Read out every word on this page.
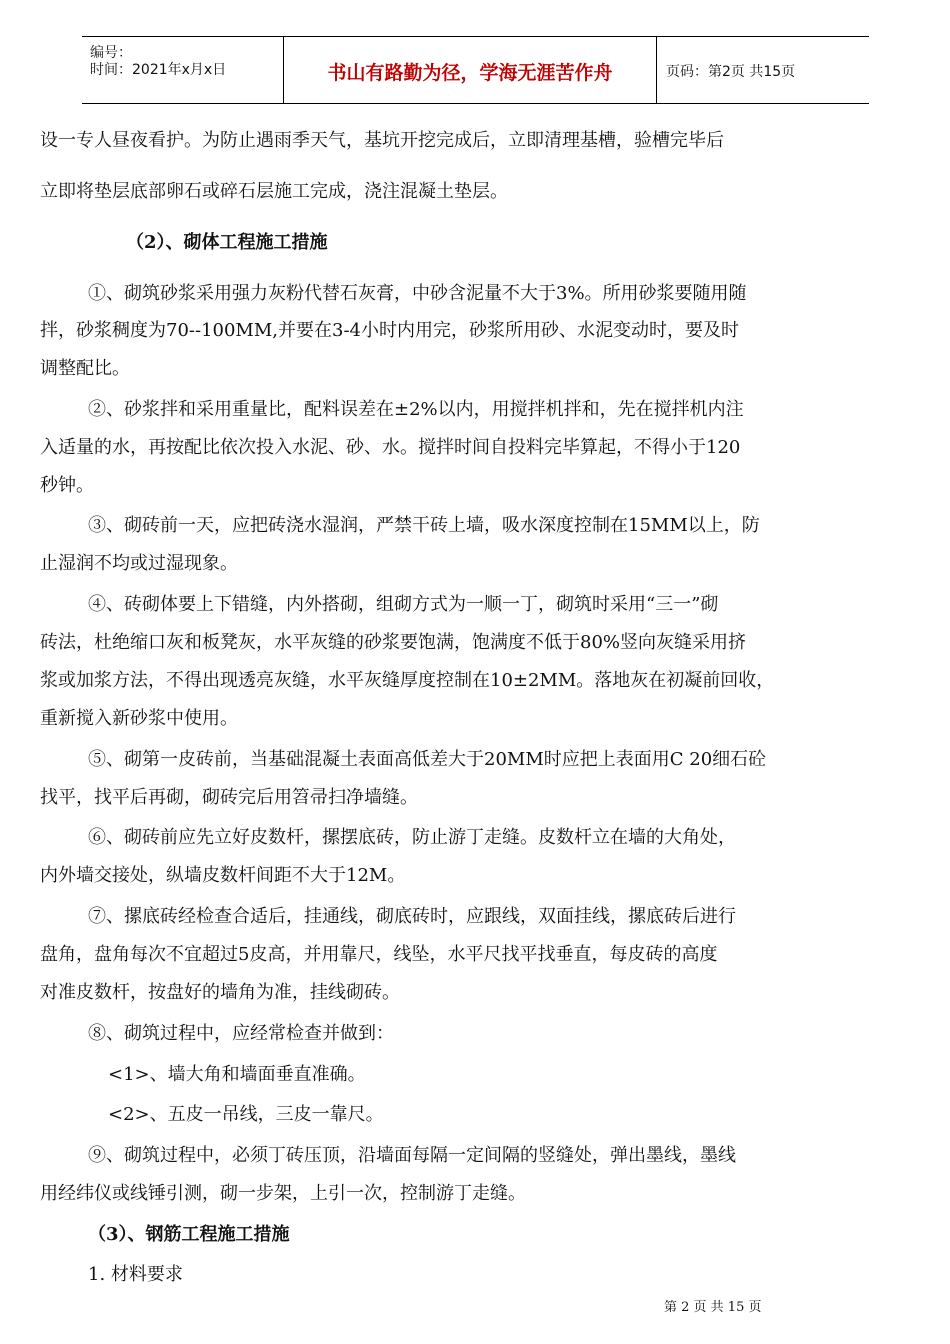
编号：
时间：2021年x月x日	书山有路勤为径，学海无涯苦作舟	页码：第2页 共15页
设一专人昼夜看护。为防止遇雨季天气，基坑开挖完成后，立即清理基槽，验槽完毕后
立即将垫层底部卵石或碎石层施工完成，浇注混凝土垫层。
（2）、砌体工程施工措施
①、砌筑砂浆采用强力灰粉代替石灰膏，中砂含泥量不大于3%。所用砂浆要随用随
拌，砂浆稠度为70--100MM,并要在3-4小时内用完，砂浆所用砂、水泥变动时，要及时
调整配比。
②、砂浆拌和采用重量比，配料误差在±2%以内，用搅拌机拌和，先在搅拌机内注
入适量的水，再按配比依次投入水泥、砂、水。搅拌时间自投料完毕算起，不得小于120
秒钟。
③、砌砖前一天，应把砖浇水湿润，严禁干砖上墙，吸水深度控制在15MM以上，防
止湿润不均或过湿现象。
④、砖砌体要上下错缝，内外搭砌，组砌方式为一顺一丁，砌筑时采用“三一”砌
砖法，杜绝缩口灰和板凳灰，水平灰缝的砂浆要饱满，饱满度不低于80%竖向灰缝采用挤
浆或加浆方法，不得出现透亮灰缝，水平灰缝厚度控制在10±2MM。落地灰在初凝前回收，
重新搅入新砂浆中使用。
⑤、砌第一皮砖前，当基础混凝土表面高低差大于20MM时应把上表面用C 20细石砼
找平，找平后再砌，砌砖完后用笤帚扫净墙缝。
⑥、砌砖前应先立好皮数杆，摞摆底砖，防止游丁走缝。皮数杆立在墙的大角处，
内外墙交接处，纵墙皮数杆间距不大于12M。
⑦、摞底砖经检查合适后，挂通线，砌底砖时，应跟线，双面挂线，摞底砖后进行
盘角，盘角每次不宜超过5皮高，并用靠尺，线坠，水平尺找平找垂直，每皮砖的高度
对准皮数杆，按盘好的墙角为准，挂线砌砖。
⑧、砌筑过程中，应经常检查并做到：
<1>、墙大角和墙面垂直准确。
<2>、五皮一吊线，三皮一靠尺。
⑨、砌筑过程中，必须丁砖压顶，沿墙面每隔一定间隔的竖缝处，弹出墨线，墨线
用经纬仪或线锤引测，砌一步架，上引一次，控制游丁走缝。
（3）、钢筋工程施工措施
1. 材料要求
第 2 页 共 15 页
